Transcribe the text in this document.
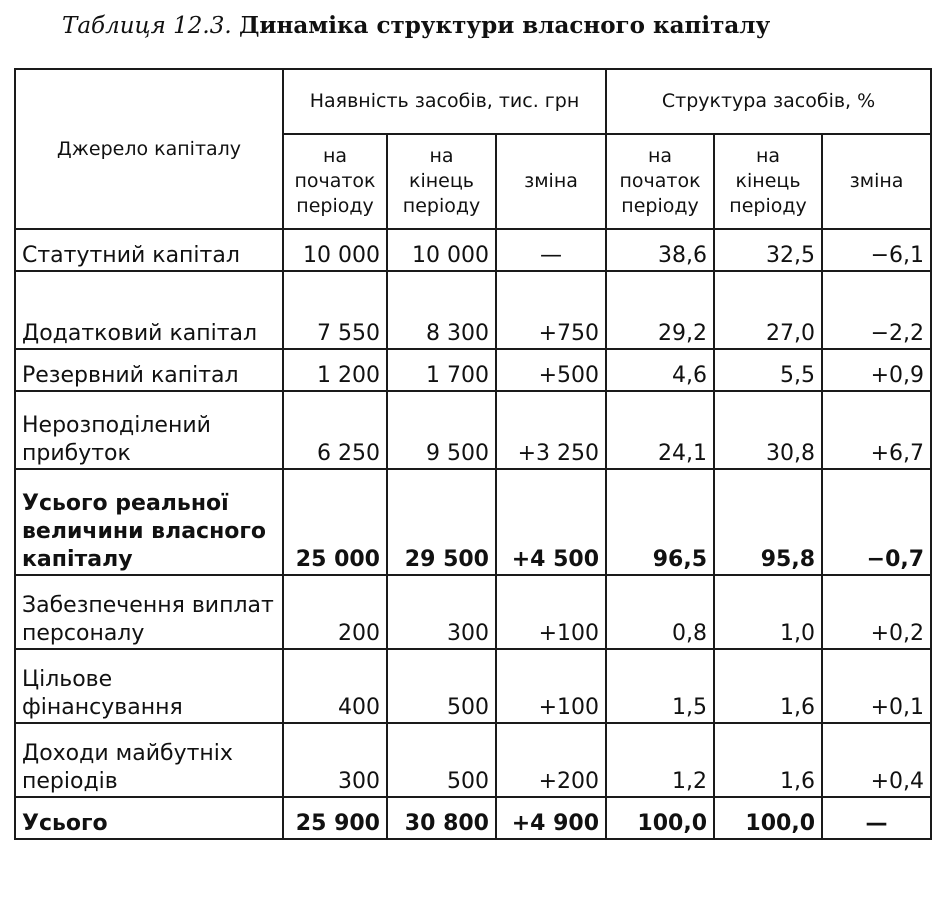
Таблиця 12.3. Динаміка структури власного капіталу
Джерело капіталу	Наявність засобів, тис. грн			Структура засобів, %		
	на початок періоду	на кінець періоду	зміна	на початок періоду	на кінець періоду	зміна
Статутний капітал	10 000	10 000	—	38,6	32,5	−6,1
Додатковий капітал	7 550	8 300	+750	29,2	27,0	−2,2
Резервний капітал	1 200	1 700	+500	4,6	5,5	+0,9
Нерозподілений прибуток	6 250	9 500	+3 250	24,1	30,8	+6,7
Усього реальної величини власного капіталу	25 000	29 500	+4 500	96,5	95,8	−0,7
Забезпечення виплат персоналу	200	300	+100	0,8	1,0	+0,2
Цільове фінансування	400	500	+100	1,5	1,6	+0,1
Доходи майбутніх періодів	300	500	+200	1,2	1,6	+0,4
Усього	25 900	30 800	+4 900	100,0	100,0	—
